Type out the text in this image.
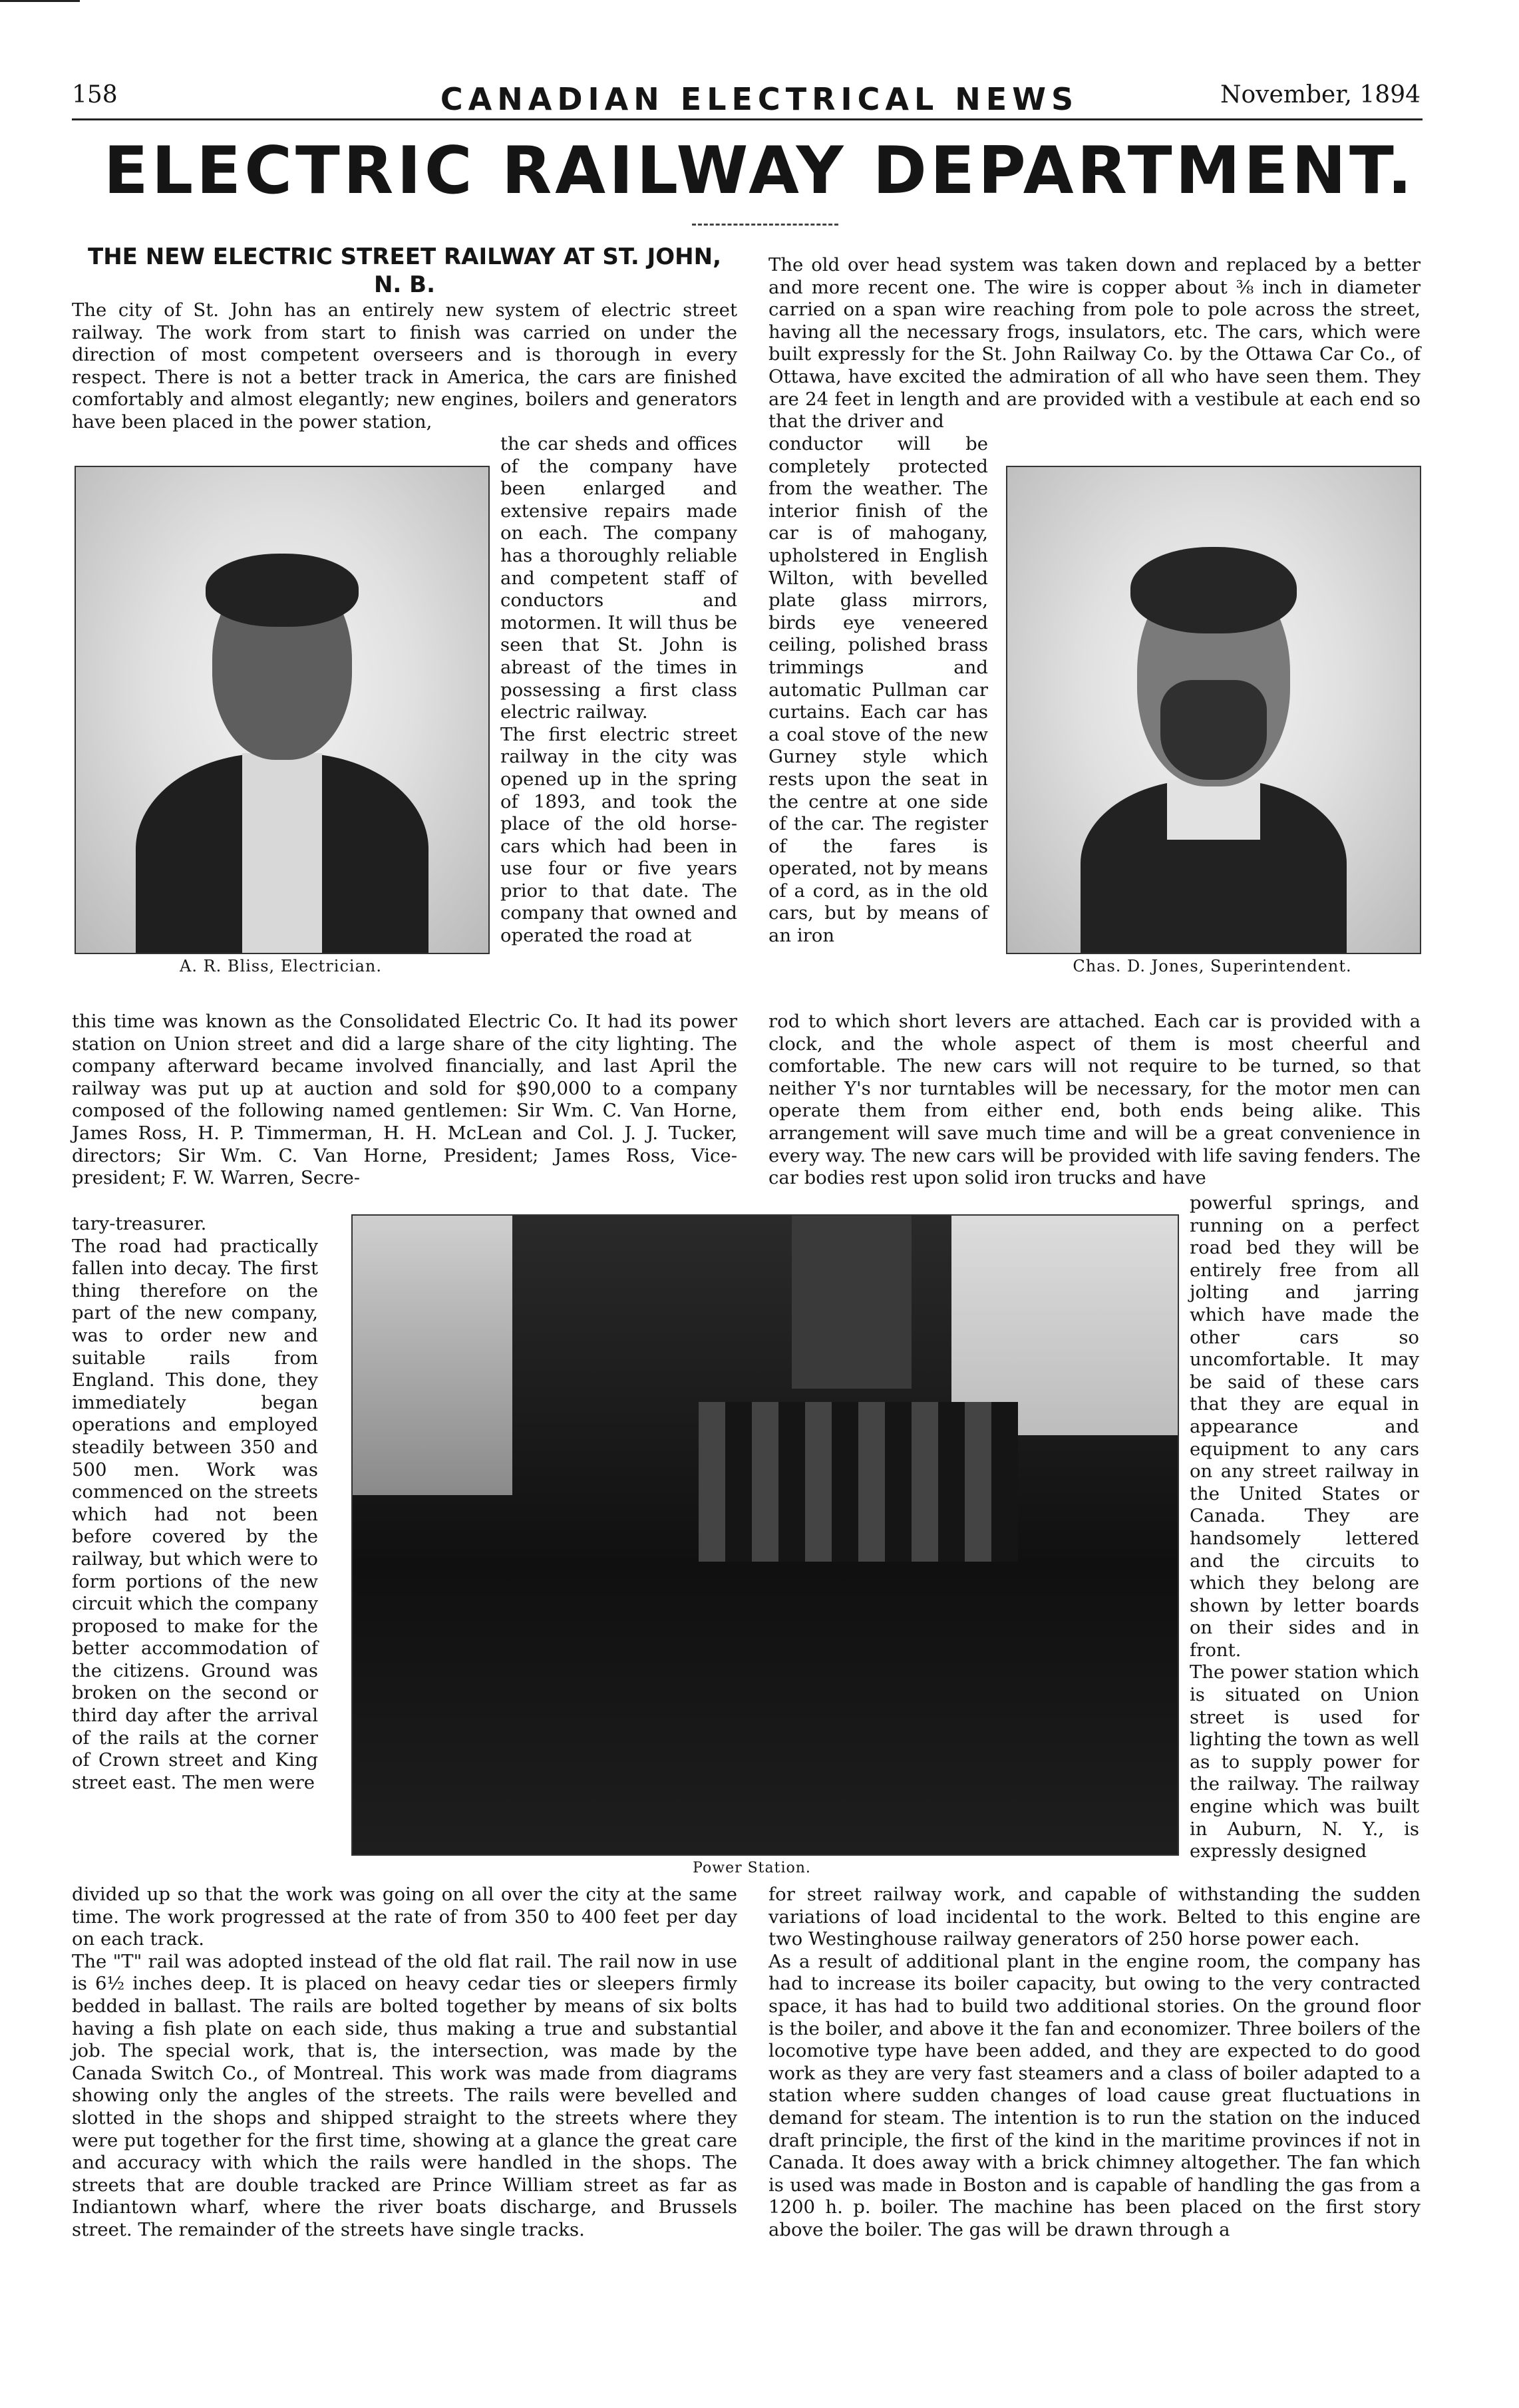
158	CANADIAN ELECTRICAL NEWS	November, 1894
ELECTRIC RAILWAY DEPARTMENT.
THE NEW ELECTRIC STREET RAILWAY AT ST. JOHN, N. B.
The city of St. John has an entirely new system of electric street railway. The work from start to finish was carried on under the direction of most competent overseers and is thorough in every respect. There is not a better track in America, the cars are finished comfortably and almost elegantly; new engines, boilers and generators have been placed in the power station,
A. R. Bliss, Electrician.
the car sheds and offices of the company have been enlarged and extensive repairs made on each. The company has a thoroughly reliable and competent staff of conductors and motormen. It will thus be seen that St. John is abreast of the times in possessing a first class electric railway.
The first electric street railway in the city was opened up in the spring of 1893, and took the place of the old horse-cars which had been in use four or five years prior to that date. The company that owned and operated the road at
this time was known as the Consolidated Electric Co. It had its power station on Union street and did a large share of the city lighting. The company afterward became involved financially, and last April the railway was put up at auction and sold for $90,000 to a company composed of the following named gentlemen: Sir Wm. C. Van Horne, James Ross, H. P. Timmerman, H. H. McLean and Col. J. J. Tucker, directors; Sir Wm. C. Van Horne, President; James Ross, Vice-president; F. W. Warren, Secre-
tary-treasurer.
The road had practically fallen into decay. The first thing therefore on the part of the new company, was to order new and suitable rails from England. This done, they immediately began operations and employed steadily between 350 and 500 men. Work was commenced on the streets which had not been before covered by the railway, but which were to form portions of the new circuit which the company proposed to make for the better accommodation of the citizens. Ground was broken on the second or third day after the arrival of the rails at the corner of Crown street and King street east. The men were
Power Station.
divided up so that the work was going on all over the city at the same time. The work progressed at the rate of from 350 to 400 feet per day on each track.
The "T" rail was adopted instead of the old flat rail. The rail now in use is 6½ inches deep. It is placed on heavy cedar ties or sleepers firmly bedded in ballast. The rails are bolted together by means of six bolts having a fish plate on each side, thus making a true and substantial job. The special work, that is, the intersection, was made by the Canada Switch Co., of Montreal. This work was made from diagrams showing only the angles of the streets. The rails were bevelled and slotted in the shops and shipped straight to the streets where they were put together for the first time, showing at a glance the great care and accuracy with which the rails were handled in the shops. The streets that are double tracked are Prince William street as far as Indiantown wharf, where the river boats discharge, and Brussels street. The remainder of the streets have single tracks.
The old over head system was taken down and replaced by a better and more recent one. The wire is copper about ⅜ inch in diameter carried on a span wire reaching from pole to pole across the street, having all the necessary frogs, insulators, etc. The cars, which were built expressly for the St. John Railway Co. by the Ottawa Car Co., of Ottawa, have excited the admiration of all who have seen them. They are 24 feet in length and are provided with a vestibule at each end so that the driver and
conductor will be completely protected from the weather. The interior finish of the car is of mahogany, upholstered in English Wilton, with bevelled plate glass mirrors, birds eye veneered ceiling, polished brass trimmings and automatic Pullman car curtains. Each car has a coal stove of the new Gurney style which rests upon the seat in the centre at one side of the car. The register of the fares is operated, not by means of a cord, as in the old cars, but by means of an iron
Chas. D. Jones, Superintendent.
rod to which short levers are attached. Each car is provided with a clock, and the whole aspect of them is most cheerful and comfortable. The new cars will not require to be turned, so that neither Y's nor turntables will be necessary, for the motor men can operate them from either end, both ends being alike. This arrangement will save much time and will be a great convenience in every way. The new cars will be provided with life saving fenders. The car bodies rest upon solid iron trucks and have
powerful springs, and running on a perfect road bed they will be entirely free from all jolting and jarring which have made the other cars so uncomfortable. It may be said of these cars that they are equal in appearance and equipment to any cars on any street railway in the United States or Canada. They are handsomely lettered and the circuits to which they belong are shown by letter boards on their sides and in front.
The power station which is situated on Union street is used for lighting the town as well as to supply power for the railway. The railway engine which was built in Auburn, N. Y., is expressly designed
for street railway work, and capable of withstanding the sudden variations of load incidental to the work. Belted to this engine are two Westinghouse railway generators of 250 horse power each.
As a result of additional plant in the engine room, the company has had to increase its boiler capacity, but owing to the very contracted space, it has had to build two additional stories. On the ground floor is the boiler, and above it the fan and economizer. Three boilers of the locomotive type have been added, and they are expected to do good work as they are very fast steamers and a class of boiler adapted to a station where sudden changes of load cause great fluctuations in demand for steam. The intention is to run the station on the induced draft principle, the first of the kind in the maritime provinces if not in Canada. It does away with a brick chimney altogether. The fan which is used was made in Boston and is capable of handling the gas from a 1200 h. p. boiler. The machine has been placed on the first story above the boiler. The gas will be drawn through a
